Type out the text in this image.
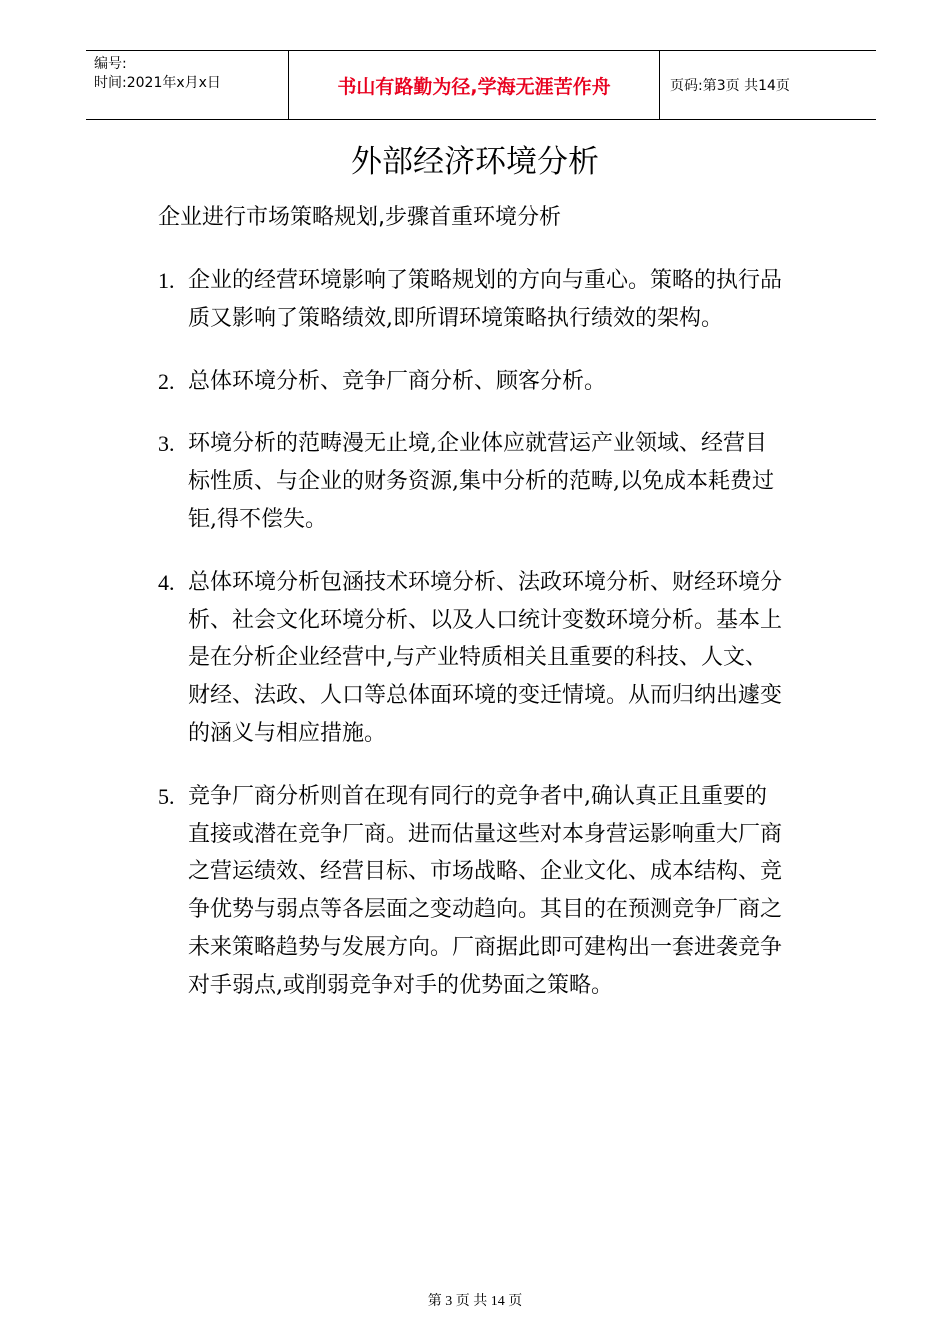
编号:
时间:2021年x月x日	书山有路勤为径,学海无涯苦作舟	页码:第3页 共14页
外部经济环境分析
企业进行市场策略规划,步骤首重环境分析
1. 企业的经营环境影响了策略规划的方向与重心。策略的执行品质又影响了策略绩效,即所谓环境策略执行绩效的架构。
2. 总体环境分析、竞争厂商分析、顾客分析。
3. 环境分析的范畴漫无止境,企业体应就营运产业领域、经营目标性质、与企业的财务资源,集中分析的范畴,以免成本耗费过钜,得不偿失。
4. 总体环境分析包涵技术环境分析、法政环境分析、财经环境分析、社会文化环境分析、以及人口统计变数环境分析。基本上是在分析企业经营中,与产业特质相关且重要的科技、人文、财经、法政、人口等总体面环境的变迁情境。从而归纳出遽变的涵义与相应措施。
5. 竞争厂商分析则首在现有同行的竞争者中,确认真正且重要的直接或潜在竞争厂商。进而估量这些对本身营运影响重大厂商之营运绩效、经营目标、市场战略、企业文化、成本结构、竞争优势与弱点等各层面之变动趋向。其目的在预测竞争厂商之未来策略趋势与发展方向。厂商据此即可建构出一套进袭竞争对手弱点,或削弱竞争对手的优势面之策略。
第 3 页 共 14 页
